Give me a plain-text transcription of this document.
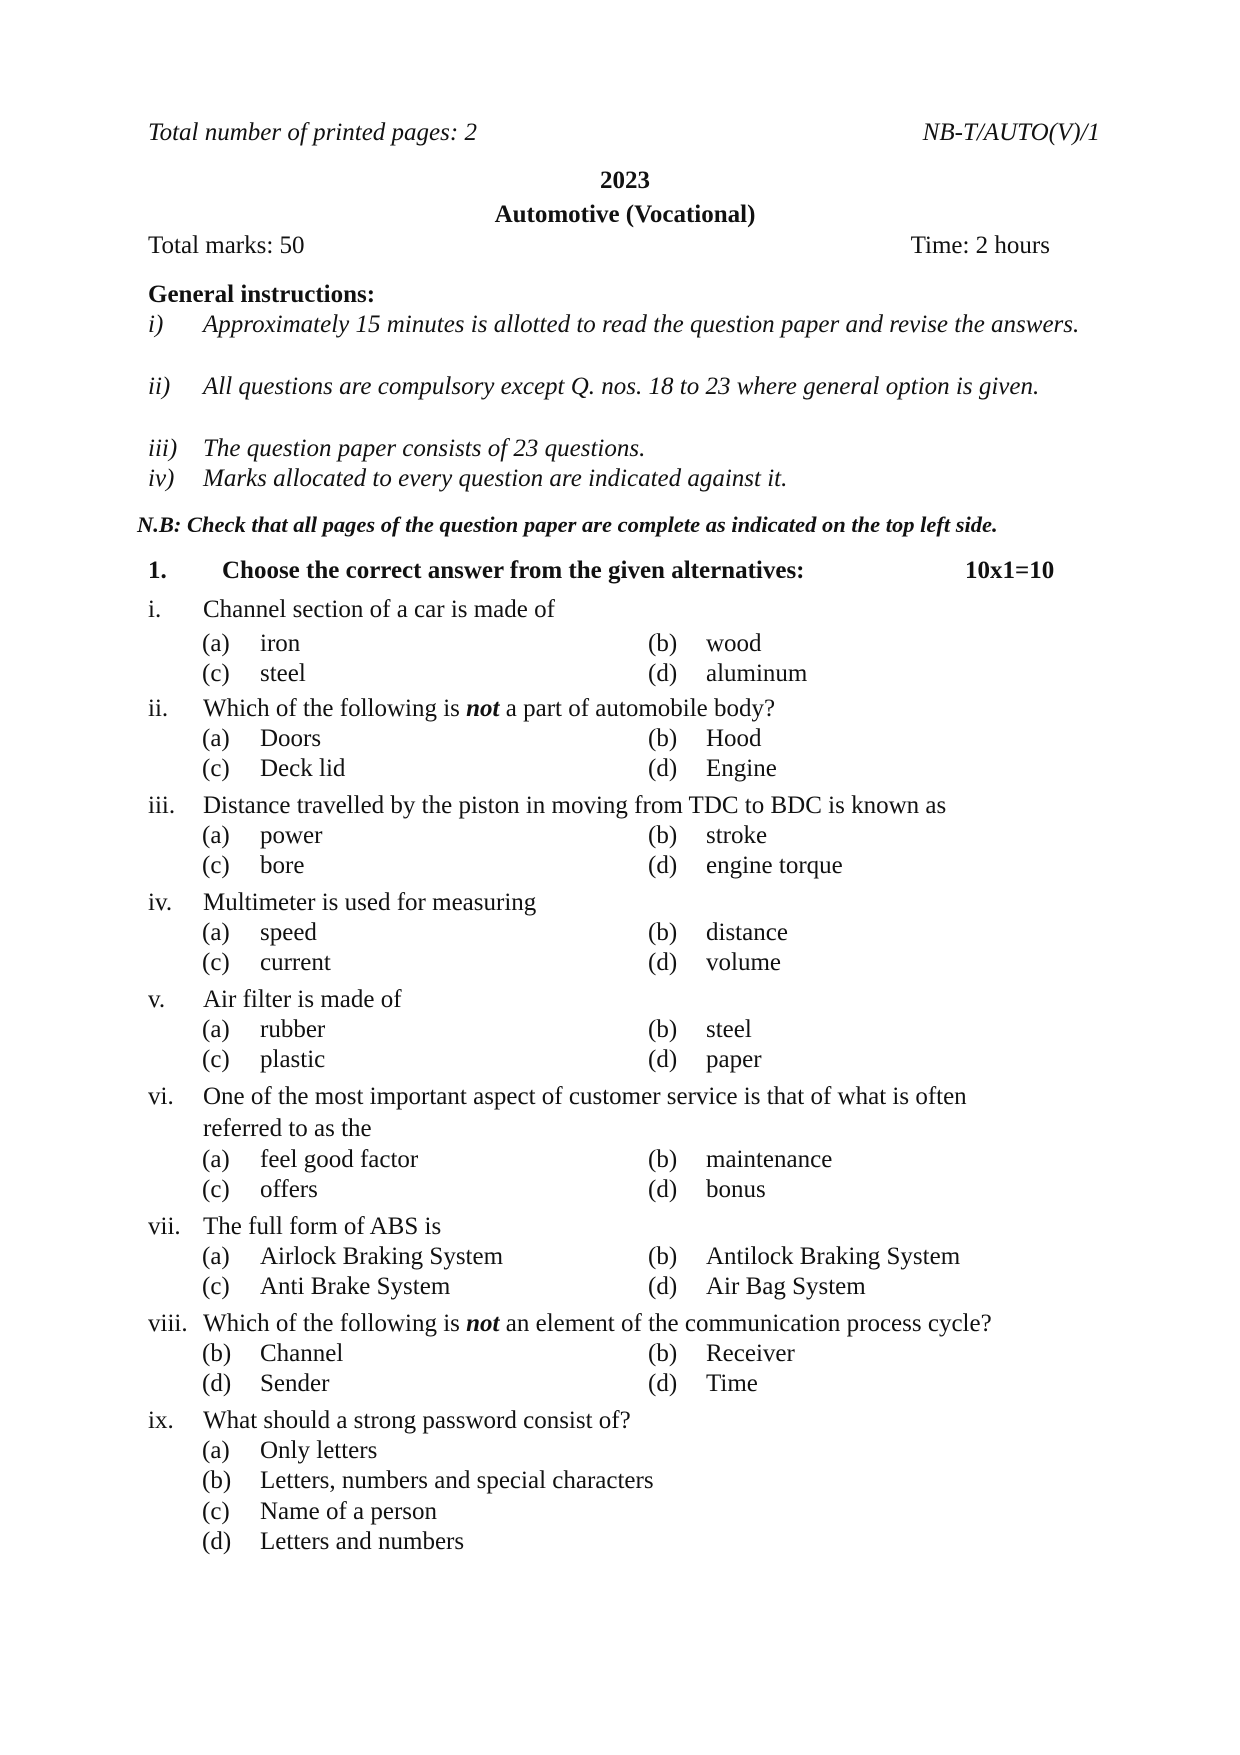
Total number of printed pages: 2	NB-T/AUTO(V)/1
2023
Automotive (Vocational)
Total marks: 50	Time: 2 hours
General instructions:
i) Approximately 15 minutes is allotted to read the question paper and revise the answers.
ii) All questions are compulsory except Q. nos. 18 to 23 where general option is given.
iii) The question paper consists of 23 questions.
iv) Marks allocated to every question are indicated against it.
N.B: Check that all pages of the question paper are complete as indicated on the top left side.
1. Choose the correct answer from the given alternatives:	10x1=10
i. Channel section of a car is made of
(a) iron	(b) wood
(c) steel	(d) aluminum
ii. Which of the following is not a part of automobile body?
(a) Doors	(b) Hood
(c) Deck lid	(d) Engine
iii. Distance travelled by the piston in moving from TDC to BDC is known as
(a) power	(b) stroke
(c) bore	(d) engine torque
iv. Multimeter is used for measuring
(a) speed	(b) distance
(c) current	(d) volume
v. Air filter is made of
(a) rubber	(b) steel
(c) plastic	(d) paper
vi. One of the most important aspect of customer service is that of what is often
referred to as the
(a) feel good factor	(b) maintenance
(c) offers	(d) bonus
vii. The full form of ABS is
(a) Airlock Braking System	(b) Antilock Braking System
(c) Anti Brake System	(d) Air Bag System
viii. Which of the following is not an element of the communication process cycle?
(b) Channel	(b) Receiver
(d) Sender	(d) Time
ix. What should a strong password consist of?
(a) Only letters
(b) Letters, numbers and special characters
(c) Name of a person
(d) Letters and numbers
